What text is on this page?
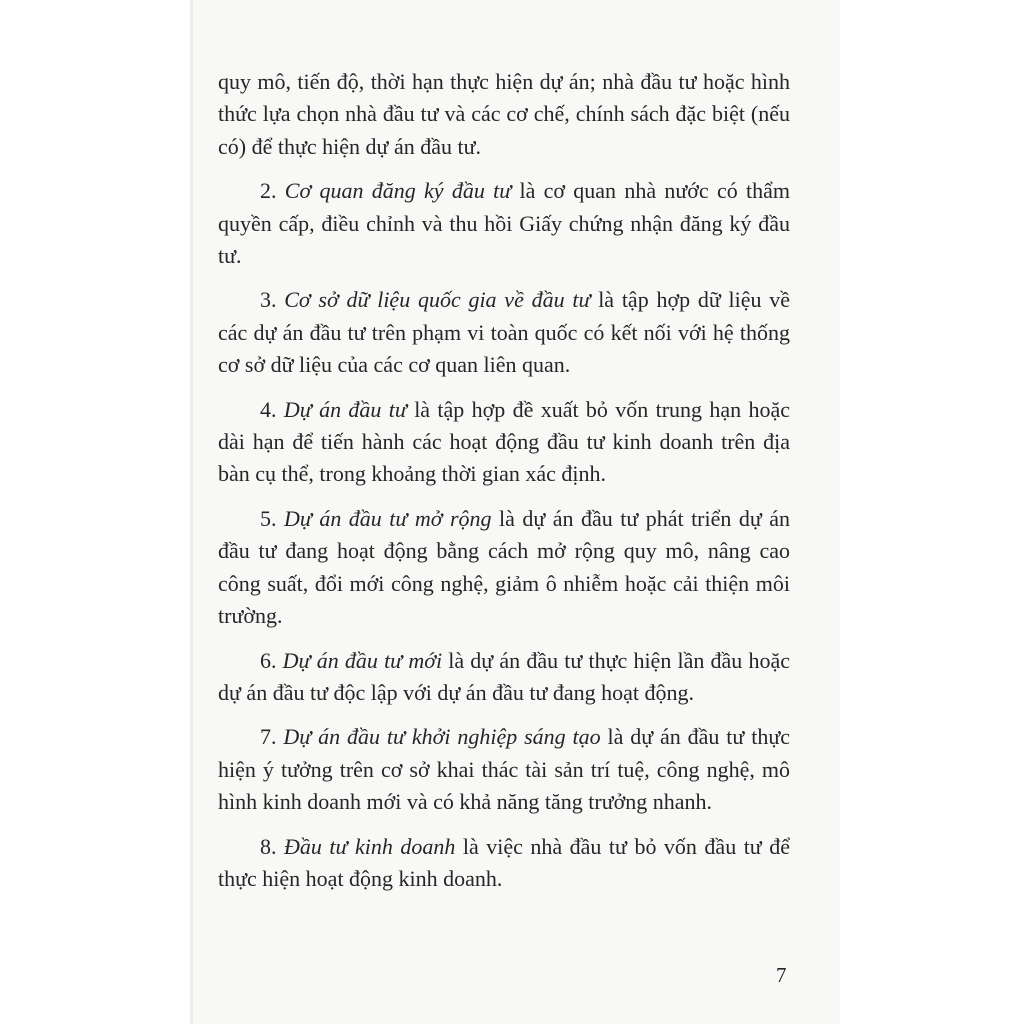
quy mô, tiến độ, thời hạn thực hiện dự án; nhà đầu tư hoặc hình thức lựa chọn nhà đầu tư và các cơ chế, chính sách đặc biệt (nếu có) để thực hiện dự án đầu tư.

2. Cơ quan đăng ký đầu tư là cơ quan nhà nước có thẩm quyền cấp, điều chỉnh và thu hồi Giấy chứng nhận đăng ký đầu tư.

3. Cơ sở dữ liệu quốc gia về đầu tư là tập hợp dữ liệu về các dự án đầu tư trên phạm vi toàn quốc có kết nối với hệ thống cơ sở dữ liệu của các cơ quan liên quan.

4. Dự án đầu tư là tập hợp đề xuất bỏ vốn trung hạn hoặc dài hạn để tiến hành các hoạt động đầu tư kinh doanh trên địa bàn cụ thể, trong khoảng thời gian xác định.

5. Dự án đầu tư mở rộng là dự án đầu tư phát triển dự án đầu tư đang hoạt động bằng cách mở rộng quy mô, nâng cao công suất, đổi mới công nghệ, giảm ô nhiễm hoặc cải thiện môi trường.

6. Dự án đầu tư mới là dự án đầu tư thực hiện lần đầu hoặc dự án đầu tư độc lập với dự án đầu tư đang hoạt động.

7. Dự án đầu tư khởi nghiệp sáng tạo là dự án đầu tư thực hiện ý tưởng trên cơ sở khai thác tài sản trí tuệ, công nghệ, mô hình kinh doanh mới và có khả năng tăng trưởng nhanh.

8. Đầu tư kinh doanh là việc nhà đầu tư bỏ vốn đầu tư để thực hiện hoạt động kinh doanh.

7
